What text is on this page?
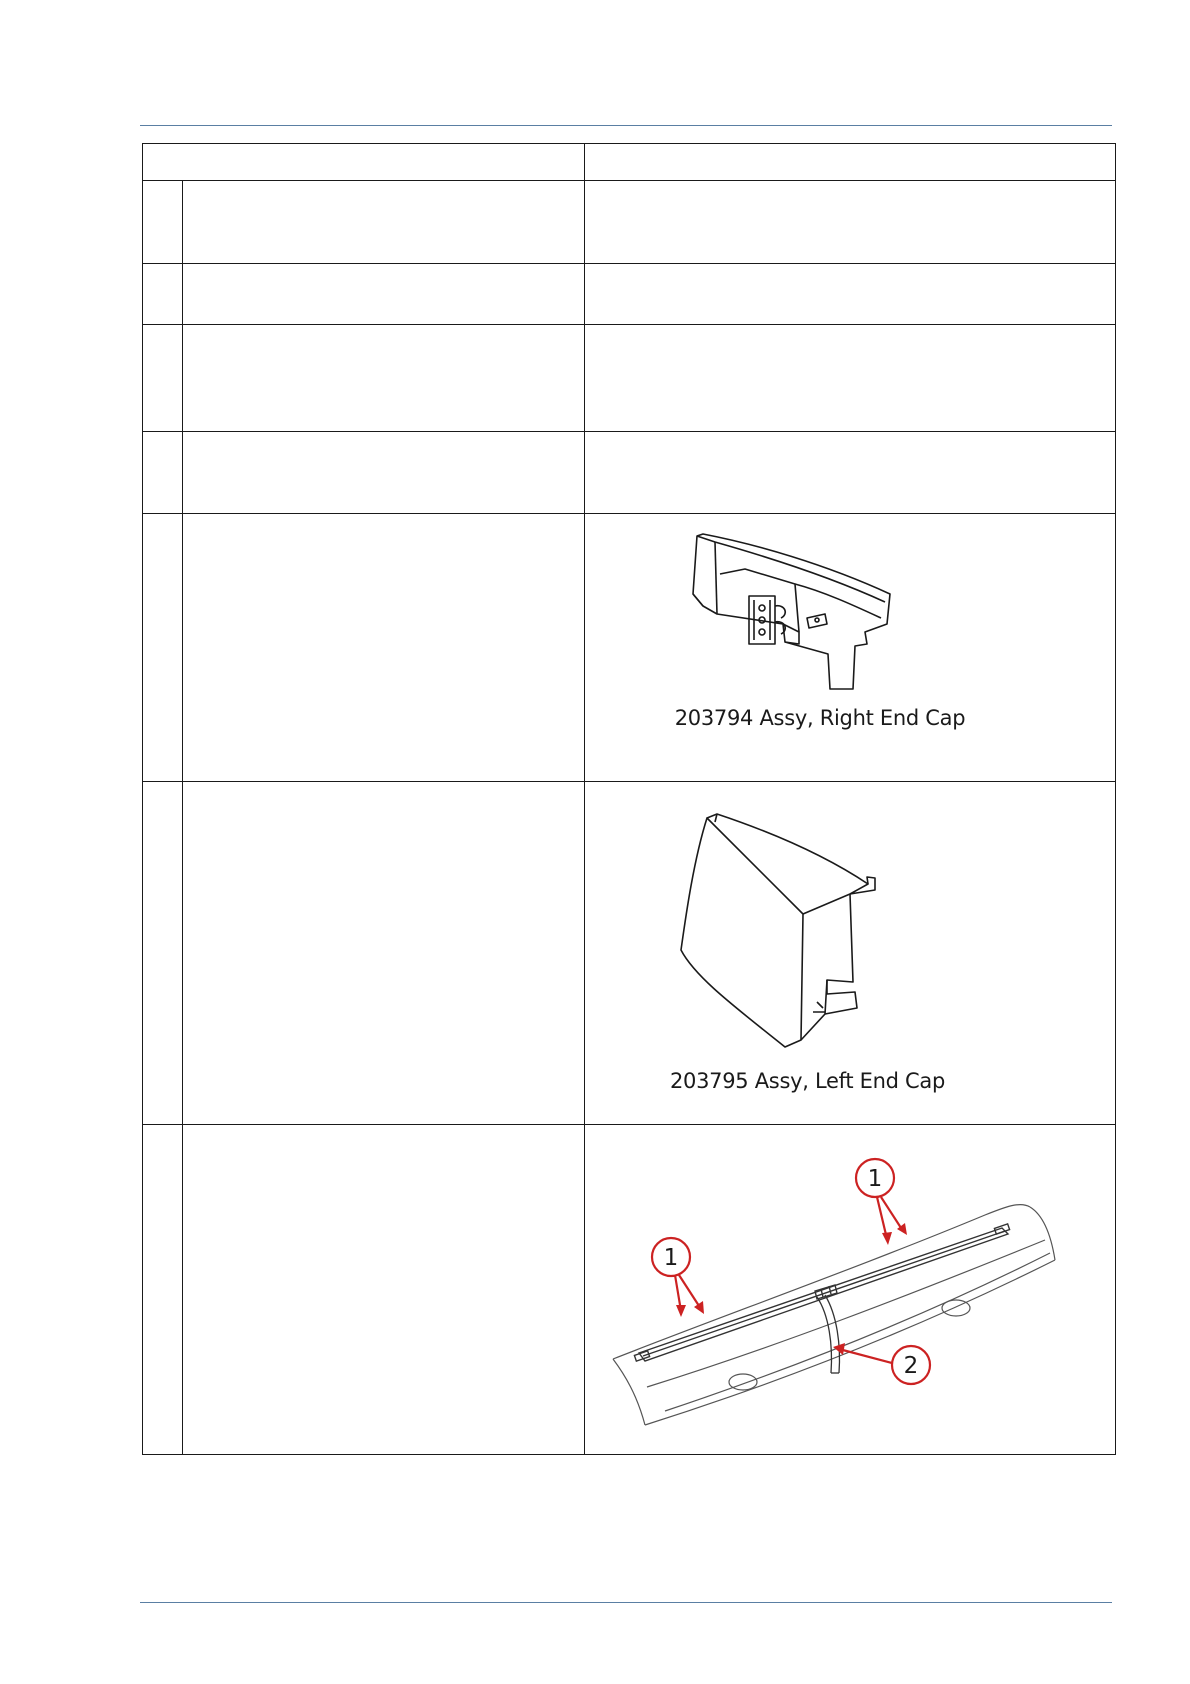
		203794 Assy, Right End Cap

		203795 Assy, Left End Cap

1
1
2
